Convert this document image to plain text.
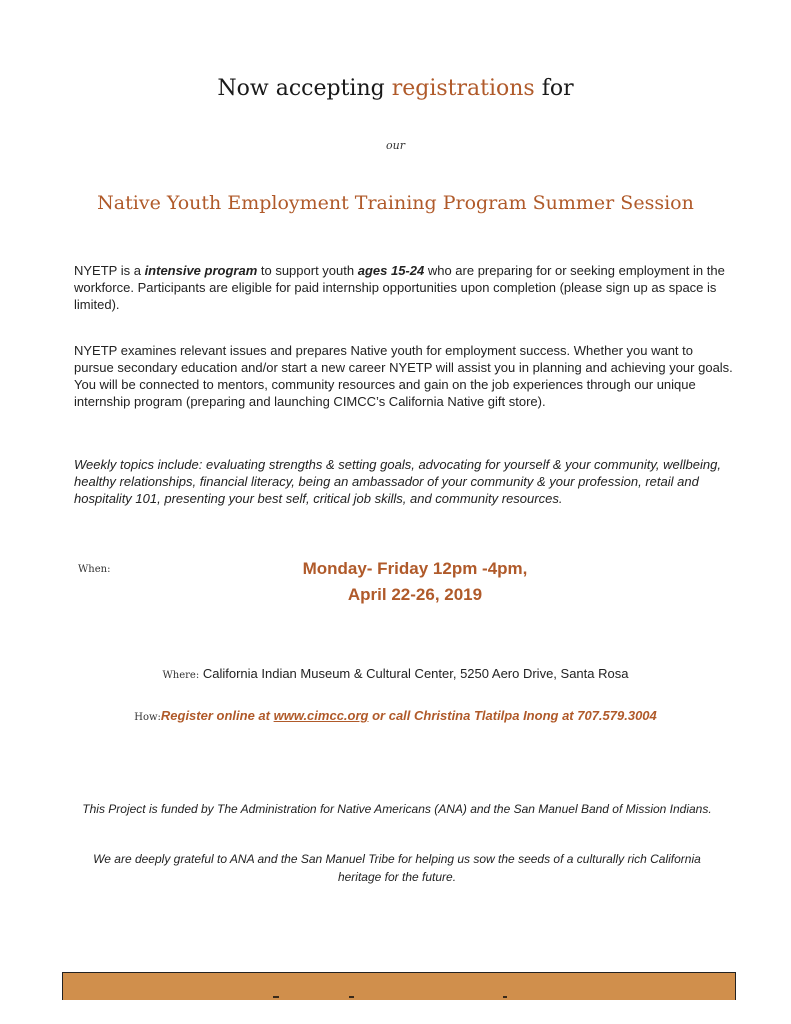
Now accepting registrations for
our
Native Youth Employment Training Program Summer Session

NYETP is a intensive program to support youth ages 15-24 who are preparing for or seeking employment in the workforce. Participants are eligible for paid internship opportunities upon completion (please sign up as space is limited).

NYETP examines relevant issues and prepares Native youth for employment success. Whether you want to pursue secondary education and/or start a new career NYETP will assist you in planning and achieving your goals. You will be connected to mentors, community resources and gain on the job experiences through our unique internship program (preparing and launching CIMCC’s California Native gift store).

Weekly topics include: evaluating strengths & setting goals, advocating for yourself & your community, wellbeing, healthy relationships, financial literacy, being an ambassador of your community & your profession, retail and hospitality 101, presenting your best self, critical job skills, and community resources.

When:	Monday- Friday 12pm -4pm,
April 22-26, 2019
Where: California Indian Museum & Cultural Center, 5250 Aero Drive, Santa Rosa
How:Register online at www.cimcc.org or call Christina Tlatilpa Inong at 707.579.3004

This Project is funded by The Administration for Native Americans (ANA) and the San Manuel Band of Mission Indians.

We are deeply grateful to ANA and the San Manuel Tribe for helping us sow the seeds of a culturally rich California heritage for the future.
